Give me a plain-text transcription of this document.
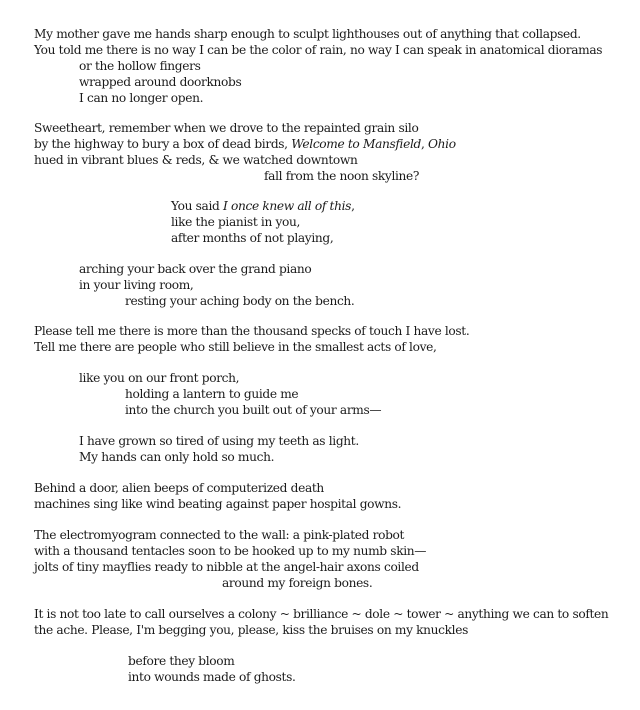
My mother gave me hands sharp enough to sculpt lighthouses out of anything that collapsed.
You told me there is no way I can be the color of rain, no way I can speak in anatomical dioramas
or the hollow fingers
wrapped around doorknobs
I can no longer open.
Sweetheart, remember when we drove to the repainted grain silo
by the highway to bury a box of dead birds, Welcome to Mansfield, Ohio
hued in vibrant blues & reds, & we watched downtown
fall from the noon skyline?
You said I once knew all of this,
like the pianist in you,
after months of not playing,
arching your back over the grand piano
in your living room,
resting your aching body on the bench.
Please tell me there is more than the thousand specks of touch I have lost.
Tell me there are people who still believe in the smallest acts of love,
like you on our front porch,
holding a lantern to guide me
into the church you built out of your arms—
I have grown so tired of using my teeth as light.
My hands can only hold so much.
Behind a door, alien beeps of computerized death
machines sing like wind beating against paper hospital gowns.
The electromyogram connected to the wall: a pink-plated robot
with a thousand tentacles soon to be hooked up to my numb skin—
jolts of tiny mayflies ready to nibble at the angel-hair axons coiled
around my foreign bones.
It is not too late to call ourselves a colony ~ brilliance ~ dole ~ tower ~ anything we can to soften
the ache. Please, I'm begging you, please, kiss the bruises on my knuckles
before they bloom
into wounds made of ghosts.
